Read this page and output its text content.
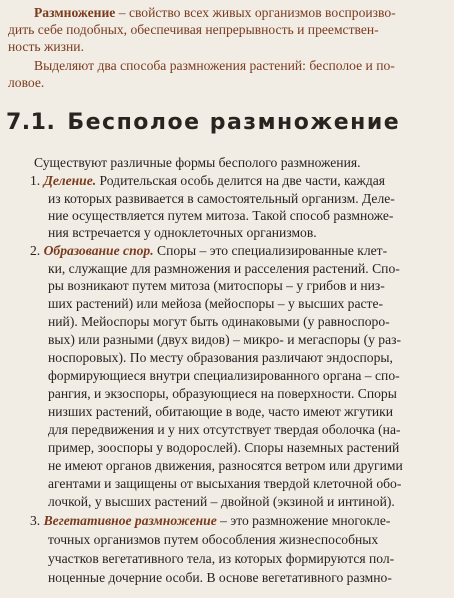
Размножение – свойство всех живых организмов воспроизво-
дить себе подобных, обеспечивая непрерывность и преемствен-
ность жизни.
Выделяют два способа размножения растений: бесполое и по-
ловое.
7.1. Бесполое размножение
Существуют различные формы бесполого размножения.
1. Деление. Родительская особь делится на две части, каждая
из которых развивается в самостоятельный организм. Деле-
ние осуществляется путем митоза. Такой способ размноже-
ния встречается у одноклеточных организмов.
2. Образование спор. Споры – это специализированные клет-
ки, служащие для размножения и расселения растений. Спо-
ры возникают путем митоза (митоспоры – у грибов и низ-
ших растений) или мейоза (мейоспоры – у высших расте-
ний). Мейоспоры могут быть одинаковыми (у равноспоро-
вых) или разными (двух видов) – микро- и мегаспоры (у раз-
носпоровых). По месту образования различают эндоспоры,
формирующиеся внутри специализированного органа – спо-
рангия, и экзоспоры, образующиеся на поверхности. Споры
низших растений, обитающие в воде, часто имеют жгутики
для передвижения и у них отсутствует твердая оболочка (на-
пример, зооспоры у водорослей). Споры наземных растений
не имеют органов движения, разносятся ветром или другими
агентами и защищены от высыхания твердой клеточной обо-
лочкой, у высших растений – двойной (экзиной и интиной).
3. Вегетативное размножение – это размножение многокле-
точных организмов путем обособления жизнеспособных
участков вегетативного тела, из которых формируются пол-
ноценные дочерние особи. В основе вегетативного размно-
